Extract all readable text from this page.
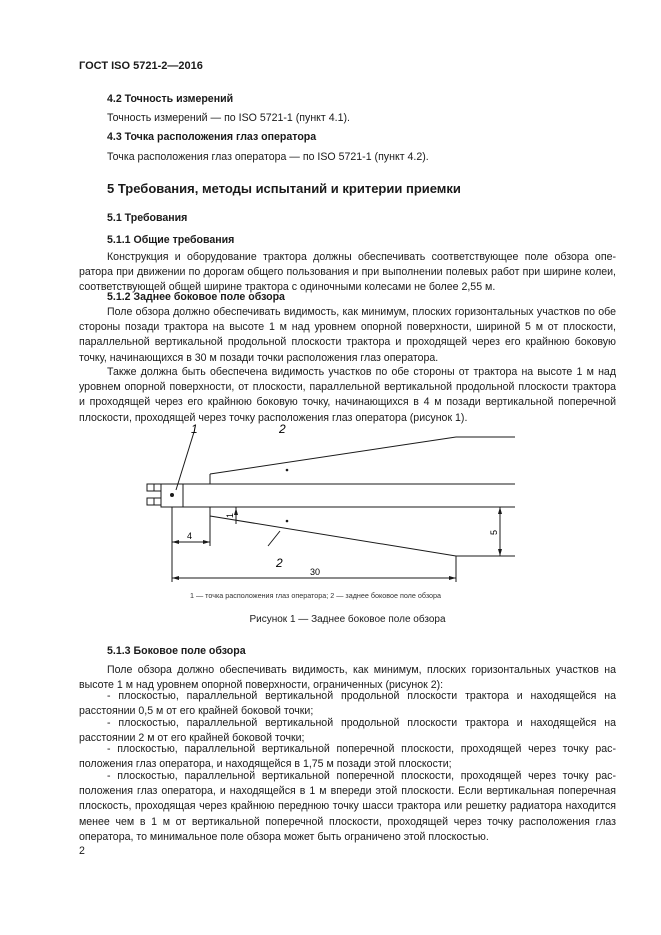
ГОСТ ISO 5721-2—2016
4.2 Точность измерений
Точность измерений — по ISO 5721-1 (пункт 4.1).
4.3 Точка расположения глаз оператора
Точка расположения глаз оператора — по ISO 5721-1 (пункт 4.2).
5 Требования, методы испытаний и критерии приемки
5.1 Требования
5.1.1 Общие требования
Конструкция и оборудование трактора должны обеспечивать соответствующее поле обзора оператора при движении по дорогам общего пользования и при выполнении полевых работ при ширине колеи, соответствующей общей ширине трактора с одиночными колесами не более 2,55 м.
5.1.2 Заднее боковое поле обзора
Поле обзора должно обеспечивать видимость, как минимум, плоских горизонтальных участков по обе стороны позади трактора на высоте 1 м над уровнем опорной поверхности, шириной 5 м от плоскости, параллельной вертикальной продольной плоскости трактора и проходящей через его крайнюю боковую точку, начинающихся в 30 м позади точки расположения глаз оператора.
Также должна быть обеспечена видимость участков по обе стороны от трактора на высоте 1 м над уровнем опорной поверхности, от плоскости, параллельной вертикальной продольной плоскости трактора и проходящей через его крайнюю боковую точку, начинающихся в 4 м позади вертикальной поперечной плоскости, проходящей через точку расположения глаз оператора (рисунок 1).
1	2
2
4
30
5
1
1 — точка расположения глаз оператора; 2 — заднее боковое поле обзора
Рисунок 1 — Заднее боковое поле обзора
5.1.3 Боковое поле обзора
Поле обзора должно обеспечивать видимость, как минимум, плоских горизонтальных участков на высоте 1 м над уровнем опорной поверхности, ограниченных (рисунок 2):
- плоскостью, параллельной вертикальной продольной плоскости трактора и находящейся на расстоянии 0,5 м от его крайней боковой точки;
- плоскостью, параллельной вертикальной продольной плоскости трактора и находящейся на расстоянии 2 м от его крайней боковой точки;
- плоскостью, параллельной вертикальной поперечной плоскости, проходящей через точку расположения глаз оператора, и находящейся в 1,75 м позади этой плоскости;
- плоскостью, параллельной вертикальной поперечной плоскости, проходящей через точку расположения глаз оператора, и находящейся в 1 м впереди этой плоскости. Если вертикальная поперечная плоскость, проходящая через крайнюю переднюю точку шасси трактора или решетку радиатора находится менее чем в 1 м от вертикальной поперечной плоскости, проходящей через точку расположения глаз оператора, то минимальное поле обзора может быть ограничено этой плоскостью.
2
